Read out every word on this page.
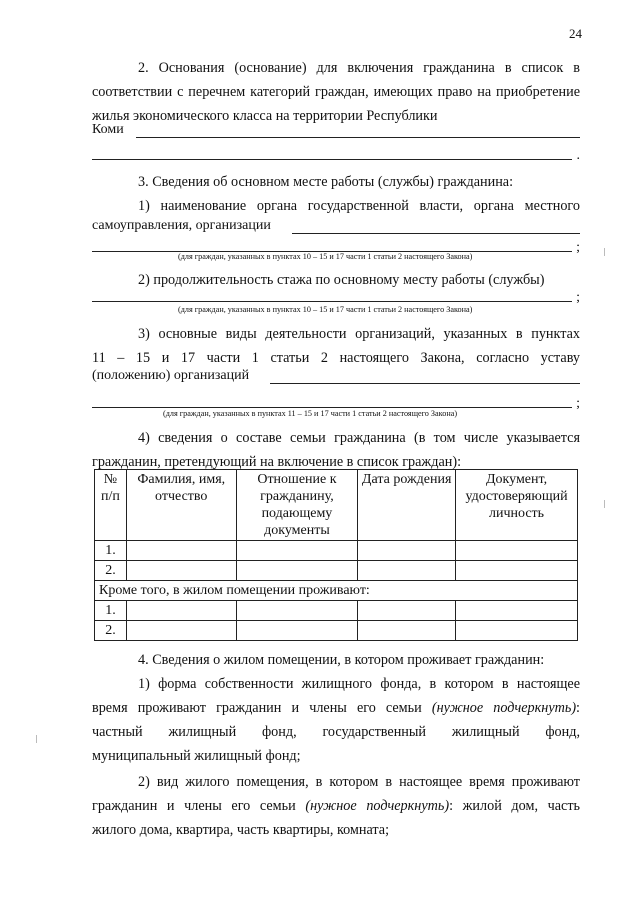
24

2. Основания (основание) для включения гражданина в список в соответствии с перечнем категорий граждан, имеющих право на приобретение жилья экономического класса на территории Республики

Коми
.

3. Сведения об основном месте работы (службы) гражданина:

1) наименование органа государственной власти, органа местного

самоуправления, организации
;
(для граждан, указанных в пунктах 10 – 15 и 17 части 1 статьи 2 настоящего Закона)

2) продолжительность стажа по основному месту работы (службы)

;
(для граждан, указанных в пунктах 10 – 15 и 17 части 1 статьи 2 настоящего Закона)

3) основные виды деятельности организаций, указанных в пунктах

11 – 15 и 17 части 1 статьи 2 настоящего Закона, согласно уставу

(положению) организаций
;
(для граждан, указанных в пунктах 11 – 15 и 17 части 1 статьи 2 настоящего Закона)

4) сведения о составе семьи гражданина (в том числе указывается гражданин, претендующий на включение в список граждан):

№ п/п	Фамилия, имя, отчество	Отношение к гражданину, подающему документы	Дата рождения	Документ, удостоверяющий личность
1.				
2.				
Кроме того, в жилом помещении проживают:				
1.				
2.				

4. Сведения о жилом помещении, в котором проживает гражданин:

1) форма собственности жилищного фонда, в котором в настоящее время проживают гражданин и члены его семьи (нужное подчеркнуть): частный жилищный фонд, государственный жилищный фонд,

муниципальный жилищный фонд;

2) вид жилого помещения, в котором в настоящее время проживают гражданин и члены его семьи (нужное подчеркнуть): жилой дом, часть

жилого дома, квартира, часть квартиры, комната;
